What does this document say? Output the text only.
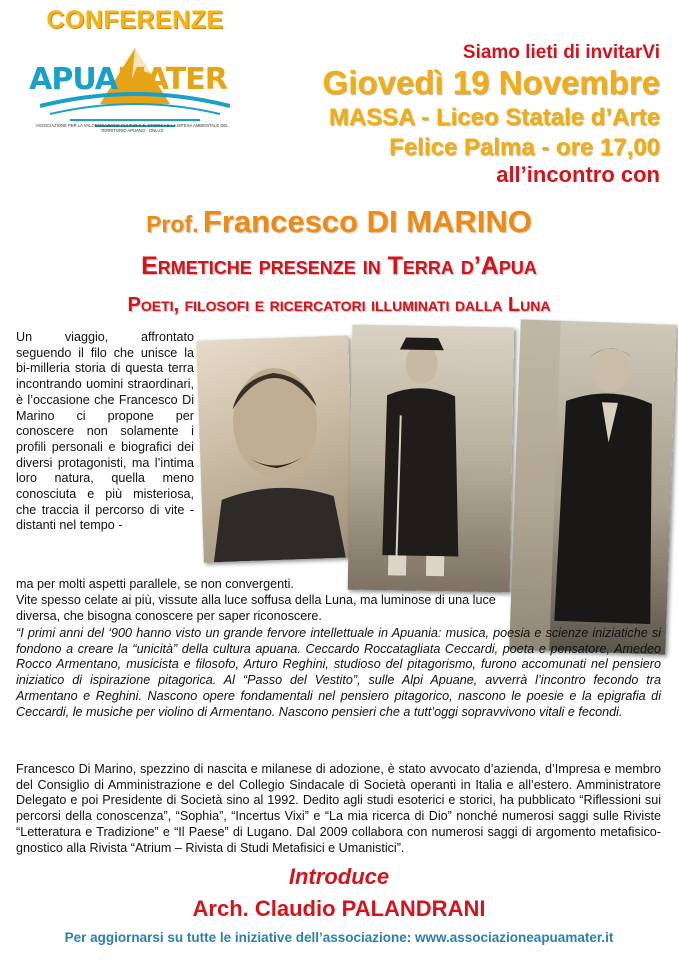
CONFERENZE
APUAMATER
ASSOCIAZIONE PER LA VALORIZZAZIONE CULTURALE, STORICA E LA DIFESA AMBIENTALE DEL TERRITORIO APUANO - ONLUS
Siamo lieti di invitarVi
Giovedì 19 Novembre
MASSA - Liceo Statale d’Arte
Felice Palma - ore 17,00
all’incontro con
Prof. Francesco DI MARINO
Ermetiche presenze in Terra d’Apua
Poeti, filosofi e ricercatori illuminati dalla Luna
Un viaggio, affrontato seguendo il filo che unisce la bi-milleria storia di questa terra incontrando uomini straordinari, è l’occasione che Francesco Di Marino ci propone per conoscere non solamente i profili personali e biografici dei diversi protagonisti, ma l’intima loro natura, quella meno conosciuta e più misteriosa, che traccia il percorso di vite - distanti nel tempo -
ma per molti aspetti parallele, se non convergenti.
Vite spesso celate ai più, vissute alla luce soffusa della Luna, ma luminose di una luce diversa, che bisogna conoscere per saper riconoscere.
“I primi anni del ‘900 hanno visto un grande fervore intellettuale in Apuania: musica, poesia e scienze iniziatiche si fondono a creare la “unicità” della cultura apuana. Ceccardo Roccatagliata Ceccardi, poeta e pensatore, Amedeo Rocco Armentano, musicista e filosofo, Arturo Reghini, studioso del pitagorismo, furono accomunati nel pensiero iniziatico di ispirazione pitagorica. Al “Passo del Vestito”, sulle Alpi Apuane, avverrà l’incontro fecondo tra Armentano e Reghini. Nascono opere fondamentali nel pensiero pitagorico, nascono le poesie e la epigrafia di Ceccardi, le musiche per violino di Armentano. Nascono pensieri che a tutt’oggi sopravvivono vitali e fecondi.
Francesco Di Marino, spezzino di nascita e milanese di adozione, è stato avvocato d’azienda, d’Impresa e membro del Consiglio di Amministrazione e del Collegio Sindacale di Società operanti in Italia e all’estero. Amministratore Delegato e poi Presidente di Società sino al 1992. Dedito agli studi esoterici e storici, ha pubblicato “Riflessioni sui percorsi della conoscenza”, “Sophia”, “Incertus Vixi” e “La mia ricerca di Dio” nonché numerosi saggi sulle Riviste “Letteratura e Tradizione” e “Il Paese” di Lugano. Dal 2009 collabora con numerosi saggi di argomento metafisico-gnostico alla Rivista “Atrium – Rivista di Studi Metafisici e Umanistici”.
Introduce
Arch. Claudio PALANDRANI
Per aggiornarsi su tutte le iniziative dell’associazione: www.associazioneapuamater.it
